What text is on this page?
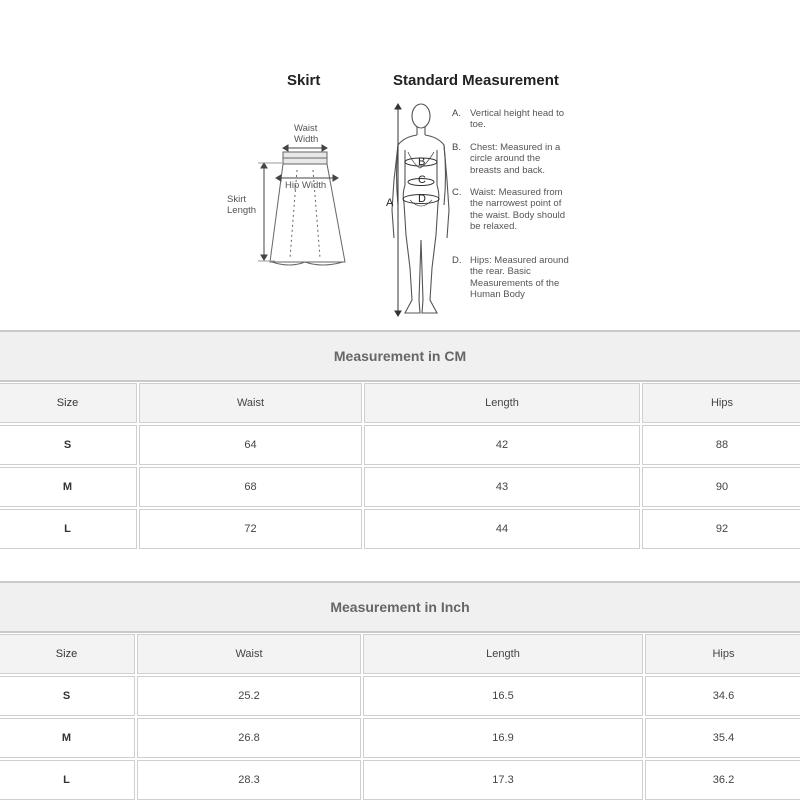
Skirt	Standard Measurement
Waist
Width
Hip Width
Skirt
Length
A
B
C
D
A. Vertical height head to toe.
B. Chest: Measured in a circle around the breasts and back.
C. Waist: Measured from the narrowest point of the waist. Body should be relaxed.
D. Hips: Measured around the rear. Basic Measurements of the Human Body
Measurement in CM
Size	Waist	Length	Hips
S	64	42	88
M	68	43	90
L	72	44	92
Measurement in Inch
Size	Waist	Length	Hips
S	25.2	16.5	34.6
M	26.8	16.9	35.4
L	28.3	17.3	36.2
